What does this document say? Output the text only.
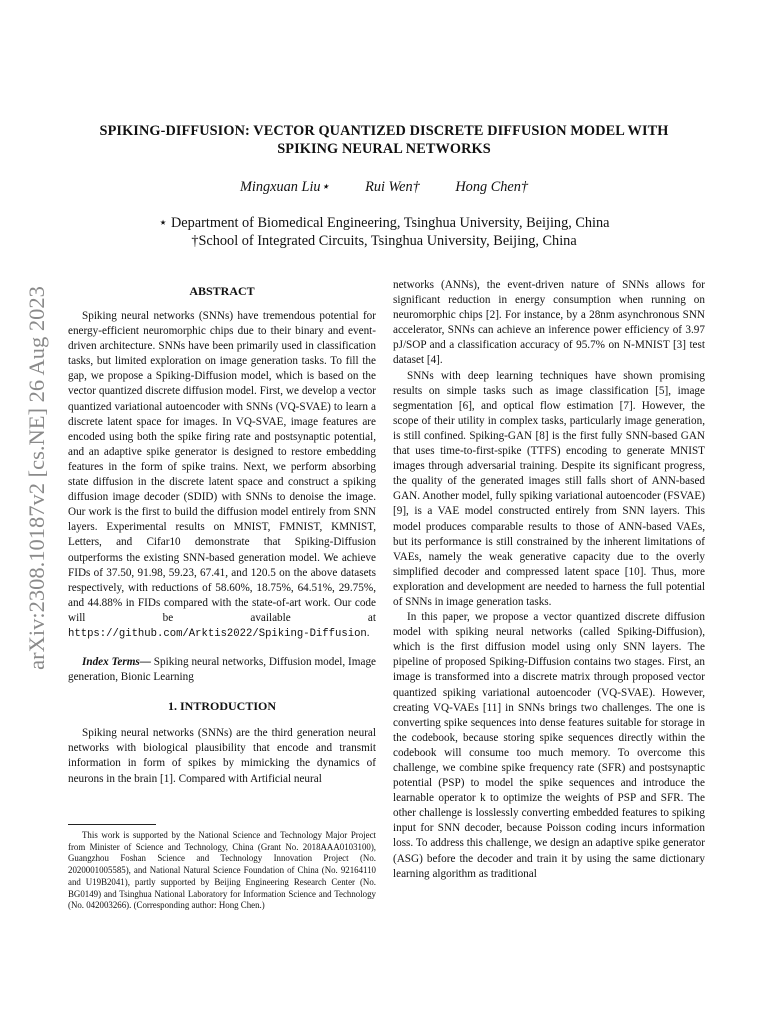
arXiv:2308.10187v2 [cs.NE] 26 Aug 2023
SPIKING-DIFFUSION: VECTOR QUANTIZED DISCRETE DIFFUSION MODEL WITH
SPIKING NEURAL NETWORKS
Mingxuan Liu⋆ Rui Wen† Hong Chen†
⋆ Department of Biomedical Engineering, Tsinghua University, Beijing, China
†School of Integrated Circuits, Tsinghua University, Beijing, China
ABSTRACT

Spiking neural networks (SNNs) have tremendous potential for energy-efficient neuromorphic chips due to their binary and event-driven architecture. SNNs have been primarily used in classification tasks, but limited exploration on image generation tasks. To fill the gap, we propose a Spiking-Diffusion model, which is based on the vector quantized discrete diffusion model. First, we develop a vector quantized variational autoencoder with SNNs (VQ-SVAE) to learn a discrete latent space for images. In VQ-SVAE, image features are encoded using both the spike firing rate and postsynaptic potential, and an adaptive spike generator is designed to restore embedding features in the form of spike trains. Next, we perform absorbing state diffusion in the discrete latent space and construct a spiking diffusion image decoder (SDID) with SNNs to denoise the image. Our work is the first to build the diffusion model entirely from SNN layers. Experimental results on MNIST, FMNIST, KMNIST, Letters, and Cifar10 demonstrate that Spiking-Diffusion outperforms the existing SNN-based generation model. We achieve FIDs of 37.50, 91.98, 59.23, 67.41, and 120.5 on the above datasets respectively, with reductions of 58.60%, 18.75%, 64.51%, 29.75%, and 44.88% in FIDs compared with the state-of-art work. Our code will be available at https://github.com/Arktis2022/Spiking-Diffusion.

Index Terms— Spiking neural networks, Diffusion model, Image generation, Bionic Learning

1. INTRODUCTION

Spiking neural networks (SNNs) are the third generation neural networks with biological plausibility that encode and transmit information in form of spikes by mimicking the dynamics of neurons in the brain [1]. Compared with Artificial neural

This work is supported by the National Science and Technology Major Project from Minister of Science and Technology, China (Grant No. 2018AAA0103100), Guangzhou Foshan Science and Technology Innovation Project (No. 2020001005585), and National Natural Science Foundation of China (No. 92164110 and U19B2041), partly supported by Beijing Engineering Research Center (No. BG0149) and Tsinghua National Laboratory for Information Science and Technology (No. 042003266). (Corresponding author: Hong Chen.)

networks (ANNs), the event-driven nature of SNNs allows for significant reduction in energy consumption when running on neuromorphic chips [2]. For instance, by a 28nm asynchronous SNN accelerator, SNNs can achieve an inference power efficiency of 3.97 pJ/SOP and a classification accuracy of 95.7% on N-MNIST [3] test dataset [4].

SNNs with deep learning techniques have shown promising results on simple tasks such as image classification [5], image segmentation [6], and optical flow estimation [7]. However, the scope of their utility in complex tasks, particularly image generation, is still confined. Spiking-GAN [8] is the first fully SNN-based GAN that uses time-to-first-spike (TTFS) encoding to generate MNIST images through adversarial training. Despite its significant progress, the quality of the generated images still falls short of ANN-based GAN. Another model, fully spiking variational autoencoder (FSVAE) [9], is a VAE model constructed entirely from SNN layers. This model produces comparable results to those of ANN-based VAEs, but its performance is still constrained by the inherent limitations of VAEs, namely the weak generative capacity due to the overly simplified decoder and compressed latent space [10]. Thus, more exploration and development are needed to harness the full potential of SNNs in image generation tasks.

In this paper, we propose a vector quantized discrete diffusion model with spiking neural networks (called Spiking-Diffusion), which is the first diffusion model using only SNN layers. The pipeline of proposed Spiking-Diffusion contains two stages. First, an image is transformed into a discrete matrix through proposed vector quantized spiking variational autoencoder (VQ-SVAE). However, creating VQ-VAEs [11] in SNNs brings two challenges. The one is converting spike sequences into dense features suitable for storage in the codebook, because storing spike sequences directly within the codebook will consume too much memory. To overcome this challenge, we combine spike frequency rate (SFR) and postsynaptic potential (PSP) to model the spike sequences and introduce the learnable operator k to optimize the weights of PSP and SFR. The other challenge is losslessly converting embedded features to spiking input for SNN decoder, because Poisson coding incurs information loss. To address this challenge, we design an adaptive spike generator (ASG) before the decoder and train it by using the same dictionary learning algorithm as traditional
